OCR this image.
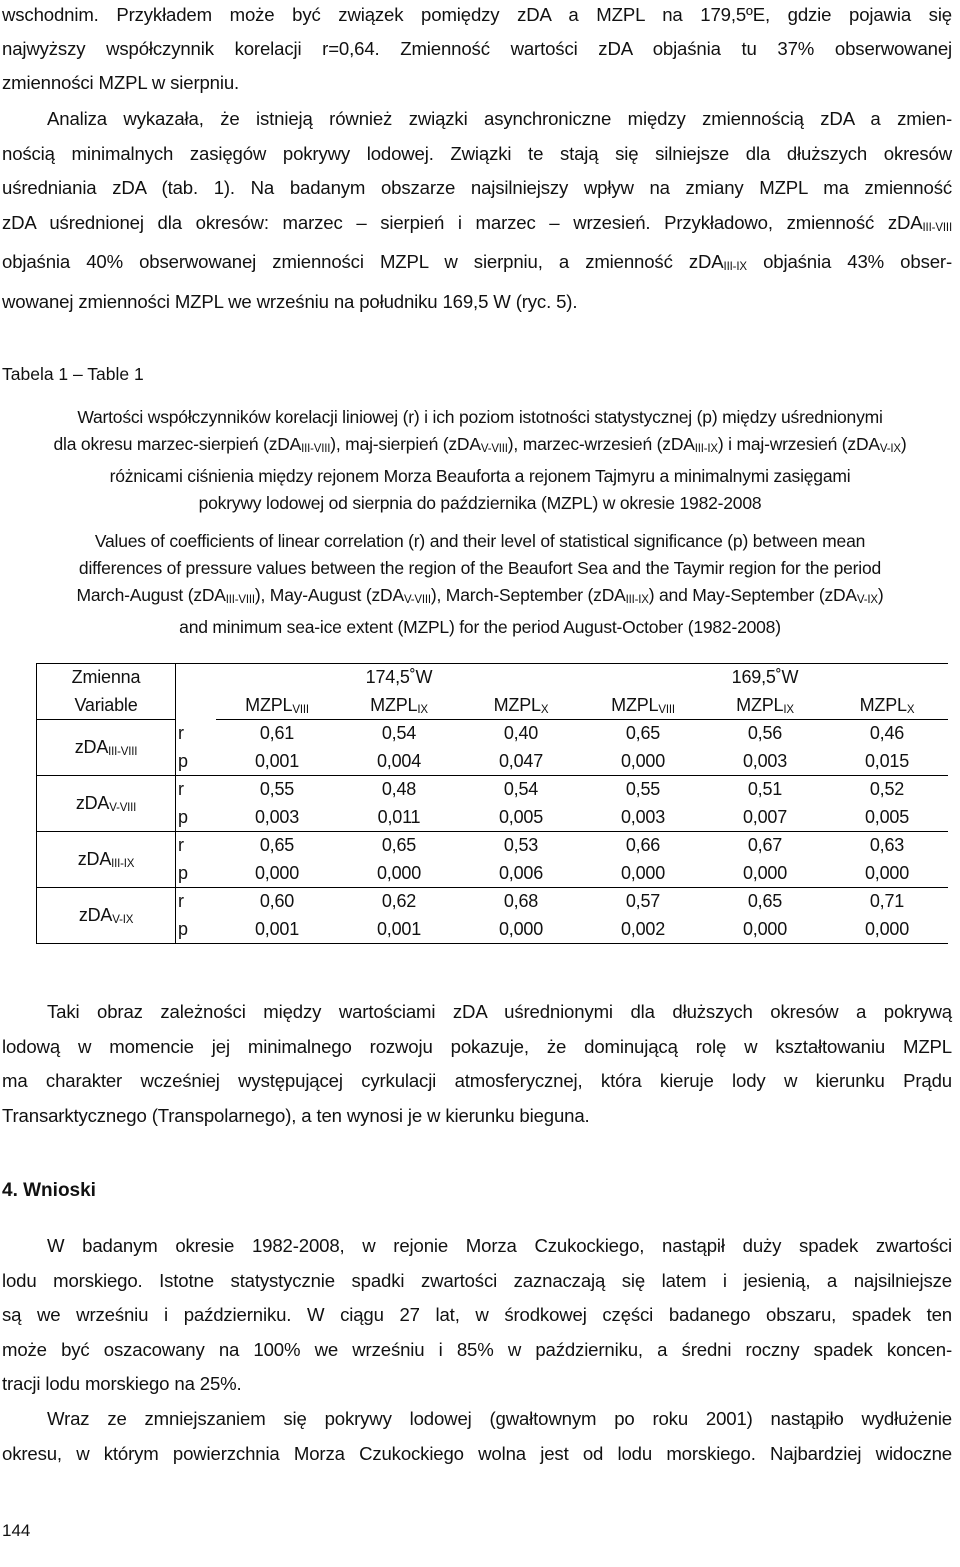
wschodnim. Przykładem może być związek pomiędzy zDA a MZPL na 179,5ºE, gdzie pojawia się
najwyższy współczynnik korelacji r=0,64. Zmienność wartości zDA objaśnia tu 37% obserwowanej
zmienności MZPL w sierpniu.
Analiza wykazała, że istnieją również związki asynchroniczne między zmiennością zDA a zmien-
nością minimalnych zasięgów pokrywy lodowej. Związki te stają się silniejsze dla dłuższych okresów
uśredniania zDA (tab. 1). Na badanym obszarze najsilniejszy wpływ na zmiany MZPL ma zmienność
zDA uśrednionej dla okresów: marzec – sierpień i marzec – wrzesień. Przykładowo, zmienność zDAIII-VIII
objaśnia 40% obserwowanej zmienności MZPL w sierpniu, a zmienność zDAIII-IX objaśnia 43% obser-
wowanej zmienności MZPL we wrześniu na południku 169,5 W (ryc. 5).

Tabela 1 – Table 1

Wartości współczynników korelacji liniowej (r) i ich poziom istotności statystycznej (p) między uśrednionymi
dla okresu marzec-sierpień (zDAIII-VIII), maj-sierpień (zDAV-VIII), marzec-wrzesień (zDAIII-IX) i maj-wrzesień (zDAV-IX)
różnicami ciśnienia między rejonem Morza Beauforta a rejonem Tajmyru a minimalnymi zasięgami
pokrywy lodowej od sierpnia do października (MZPL) w okresie 1982-2008
Values of coefficients of linear correlation (r) and their level of statistical significance (p) between mean
differences of pressure values between the region of the Beaufort Sea and the Taymir region for the period
March-August (zDAIII-VIII), May-August (zDAV-VIII), March-September (zDAIII-IX) and May-September (zDAV-IX)
and minimum sea-ice extent (MZPL) for the period August-October (1982-2008)
Zmienna		174,5˚W			169,5˚W		
Variable		MZPLVIII	MZPLIX	MZPLX	MZPLVIII	MZPLIX	MZPLX
zDAIII-VIII	r	0,61	0,54	0,40	0,65	0,56	0,46
	p	0,001	0,004	0,047	0,000	0,003	0,015
zDAV-VIII	r	0,55	0,48	0,54	0,55	0,51	0,52
	p	0,003	0,011	0,005	0,003	0,007	0,005
zDAIII-IX	r	0,65	0,65	0,53	0,66	0,67	0,63
	p	0,000	0,000	0,006	0,000	0,000	0,000
zDAV-IX	r	0,60	0,62	0,68	0,57	0,65	0,71
	p	0,001	0,001	0,000	0,002	0,000	0,000
Taki obraz zależności między wartościami zDA uśrednionymi dla dłuższych okresów a pokrywą
lodową w momencie jej minimalnego rozwoju pokazuje, że dominującą rolę w kształtowaniu MZPL
ma charakter wcześniej występującej cyrkulacji atmosferycznej, która kieruje lody w kierunku Prądu
Transarktycznego (Transpolarnego), a ten wynosi je w kierunku bieguna.

4. Wnioski

W badanym okresie 1982-2008, w rejonie Morza Czukockiego, nastąpił duży spadek zwartości
lodu morskiego. Istotne statystycznie spadki zwartości zaznaczają się latem i jesienią, a najsilniejsze
są we wrześniu i październiku. W ciągu 27 lat, w środkowej części badanego obszaru, spadek ten
może być oszacowany na 100% we wrześniu i 85% w październiku, a średni roczny spadek koncen-
tracji lodu morskiego na 25%.
Wraz ze zmniejszaniem się pokrywy lodowej (gwałtownym po roku 2001) nastąpiło wydłużenie
okresu, w którym powierzchnia Morza Czukockiego wolna jest od lodu morskiego. Najbardziej widoczne

144
